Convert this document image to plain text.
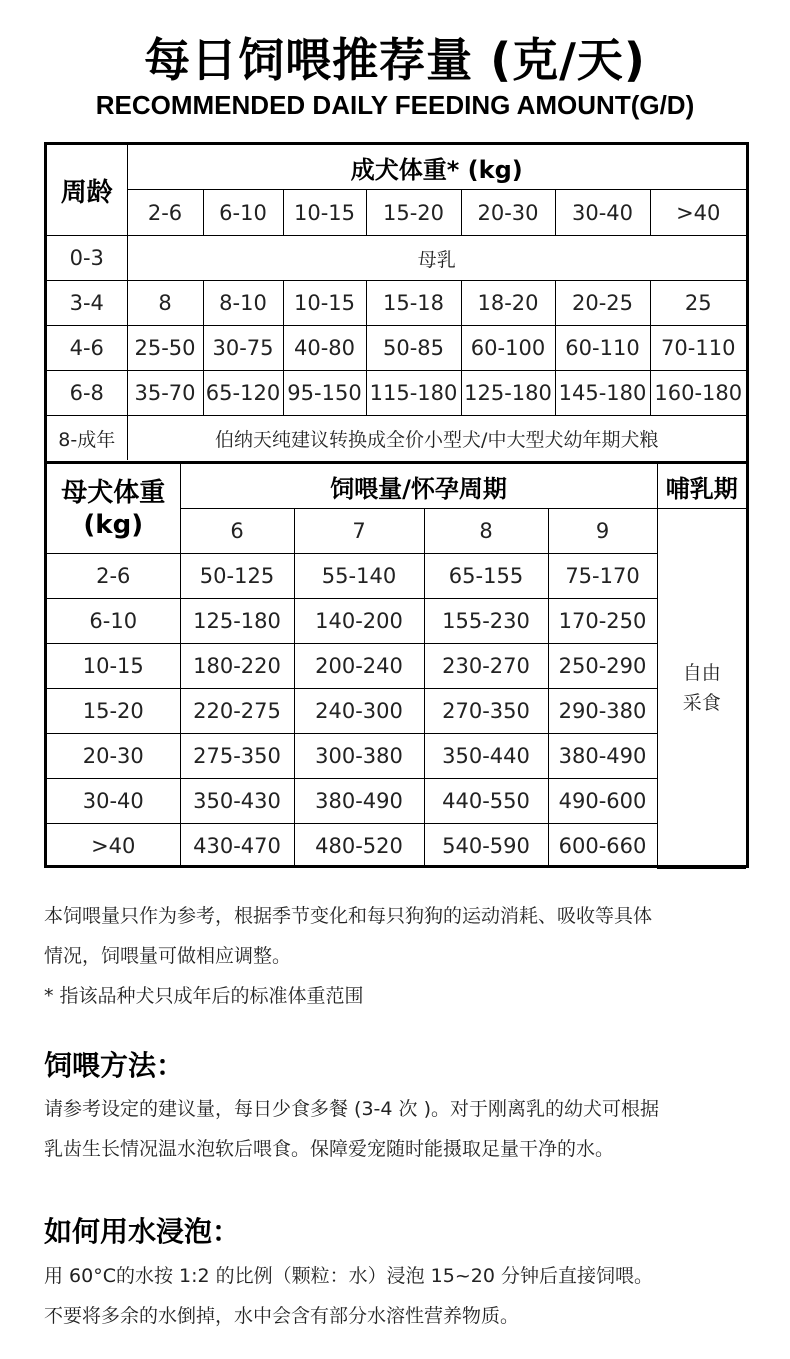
每日饲喂推荐量 (克/天)
RECOMMENDED DAILY FEEDING AMOUNT(G/D)
周龄	成犬体重* (kg)						
	2-6	6-10	10-15	15-20	20-30	30-40	>40
0-3	母乳						
3-4	8	8-10	10-15	15-18	18-20	20-25	25
4-6	25-50	30-75	40-80	50-85	60-100	60-110	70-110
6-8	35-70	65-120	95-150	115-180	125-180	145-180	160-180
8-成年	伯纳天纯建议转换成全价小型犬/中大型犬幼年期犬粮						
母犬体重
(kg)	饲喂量/怀孕周期				哺乳期
	6	7	8	9	自由
采食

2-6	50-125	55-140	65-155	75-170	
6-10	125-180	140-200	155-230	170-250	
10-15	180-220	200-240	230-270	250-290	
15-20	220-275	240-300	270-350	290-380	
20-30	275-350	300-380	350-440	380-490	
30-40	350-430	380-490	440-550	490-600	
>40	430-470	480-520	540-590	600-660	
本饲喂量只作为参考，根据季节变化和每只狗狗的运动消耗、吸收等具体
情况，饲喂量可做相应调整。
* 指该品种犬只成年后的标准体重范围
饲喂方法：
请参考设定的建议量，每日少食多餐 (3-4 次 )。对于刚离乳的幼犬可根据
乳齿生长情况温水泡软后喂食。保障爱宠随时能摄取足量干净的水。
如何用水浸泡：
用 60°C的水按 1:2 的比例（颗粒：水）浸泡 15~20 分钟后直接饲喂。
不要将多余的水倒掉，水中会含有部分水溶性营养物质。
